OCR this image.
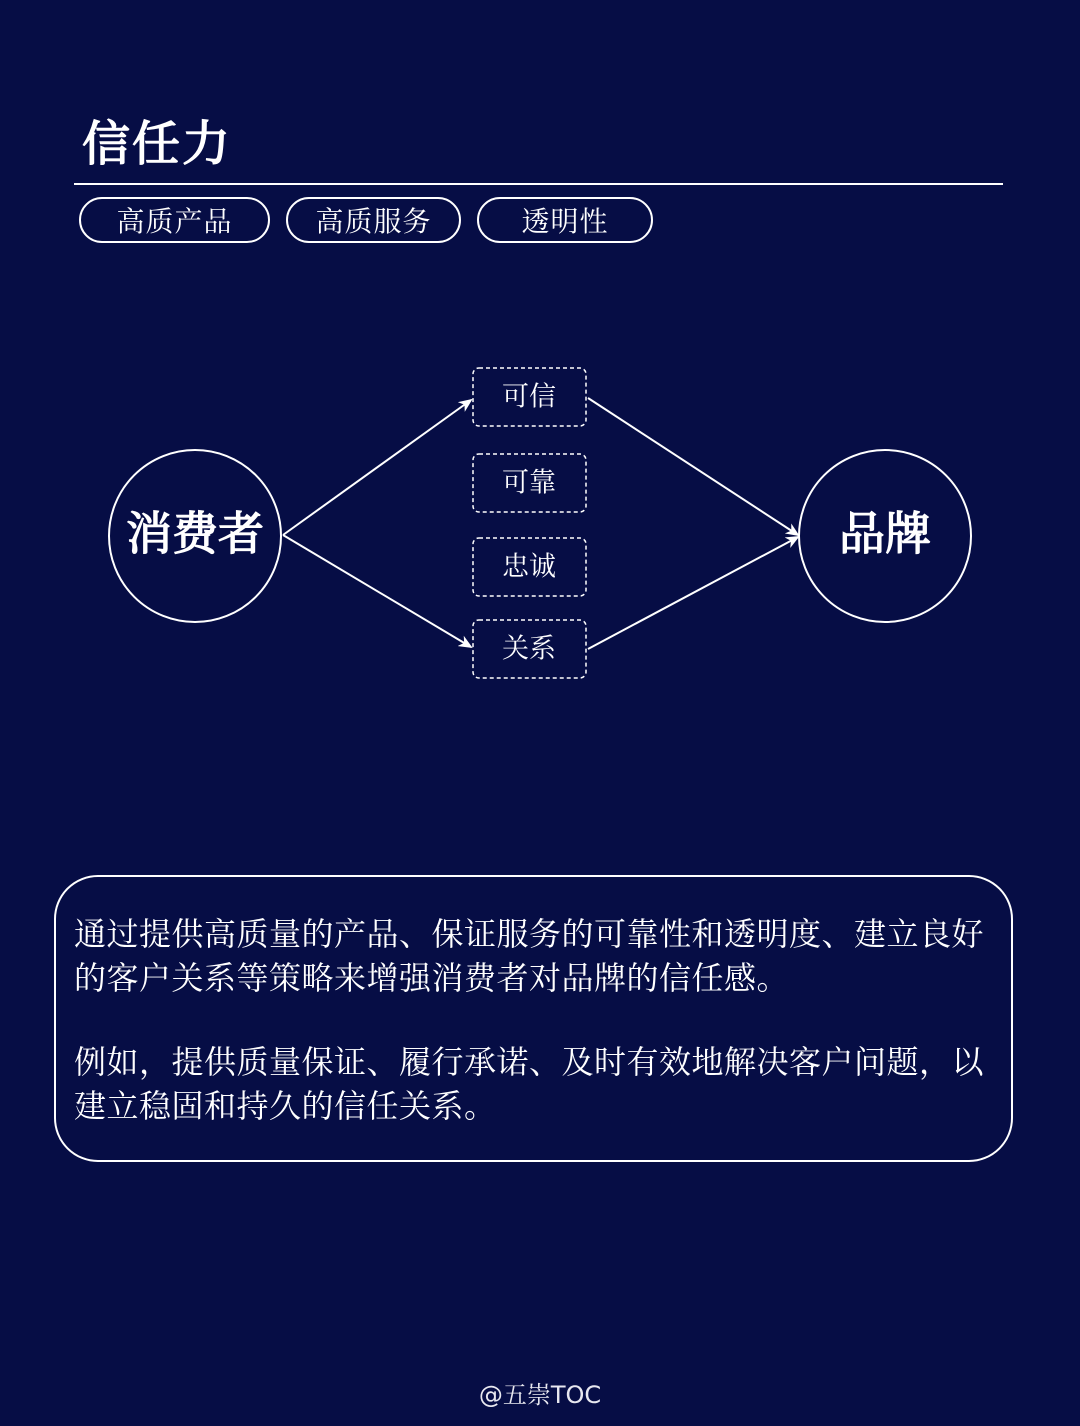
信任力
高质产品	高质服务	透明性
消费者	品牌
可信
可靠
忠诚
关系

通过提供高质量的产品、保证服务的可靠性和透明度、建立良好的客户关系等策略来增强消费者对品牌的信任感。

例如，提供质量保证、履行承诺、及时有效地解决客户问题，以建立稳固和持久的信任关系。

@五崇TOC
